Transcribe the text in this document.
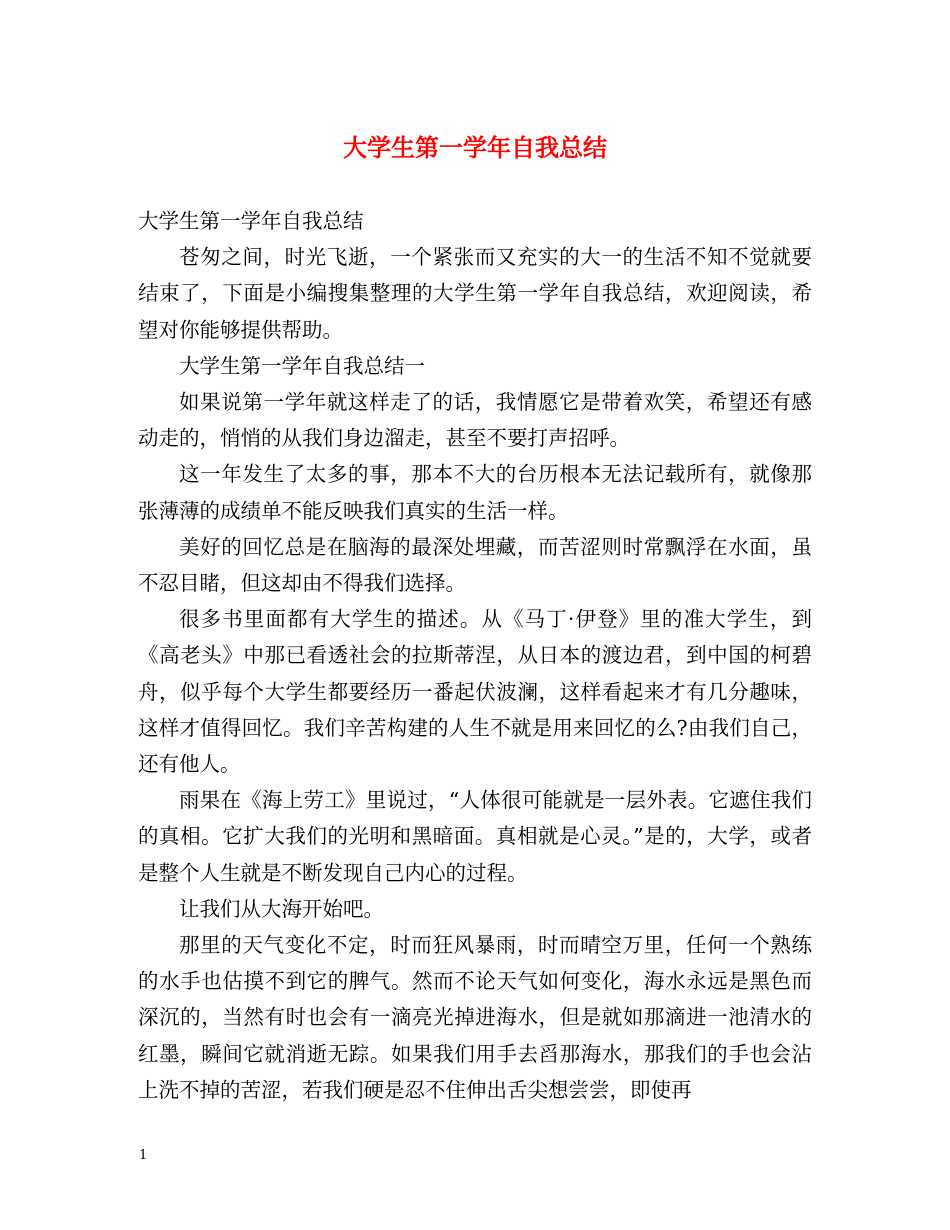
大学生第一学年自我总结

大学生第一学年自我总结

苍匆之间，时光飞逝，一个紧张而又充实的大一的生活不知不觉就要结束了，下面是小编搜集整理的大学生第一学年自我总结，欢迎阅读，希望对你能够提供帮助。

大学生第一学年自我总结一

如果说第一学年就这样走了的话，我情愿它是带着欢笑，希望还有感动走的，悄悄的从我们身边溜走，甚至不要打声招呼。

这一年发生了太多的事，那本不大的台历根本无法记载所有，就像那张薄薄的成绩单不能反映我们真实的生活一样。

美好的回忆总是在脑海的最深处埋藏，而苦涩则时常飘浮在水面，虽不忍目睹，但这却由不得我们选择。

很多书里面都有大学生的描述。从《马丁·伊登》里的准大学生，到《高老头》中那已看透社会的拉斯蒂涅，从日本的渡边君，到中国的柯碧舟，似乎每个大学生都要经历一番起伏波澜，这样看起来才有几分趣味，这样才值得回忆。我们辛苦构建的人生不就是用来回忆的么?由我们自己，还有他人。

雨果在《海上劳工》里说过，“人体很可能就是一层外表。它遮住我们的真相。它扩大我们的光明和黑暗面。真相就是心灵。”是的，大学，或者是整个人生就是不断发现自己内心的过程。

让我们从大海开始吧。

那里的天气变化不定，时而狂风暴雨，时而晴空万里，任何一个熟练的水手也估摸不到它的脾气。然而不论天气如何变化，海水永远是黑色而深沉的，当然有时也会有一滴亮光掉进海水，但是就如那滴进一池清水的红墨，瞬间它就消逝无踪。如果我们用手去舀那海水，那我们的手也会沾上洗不掉的苦涩，若我们硬是忍不住伸出舌尖想尝尝，即使再

1
